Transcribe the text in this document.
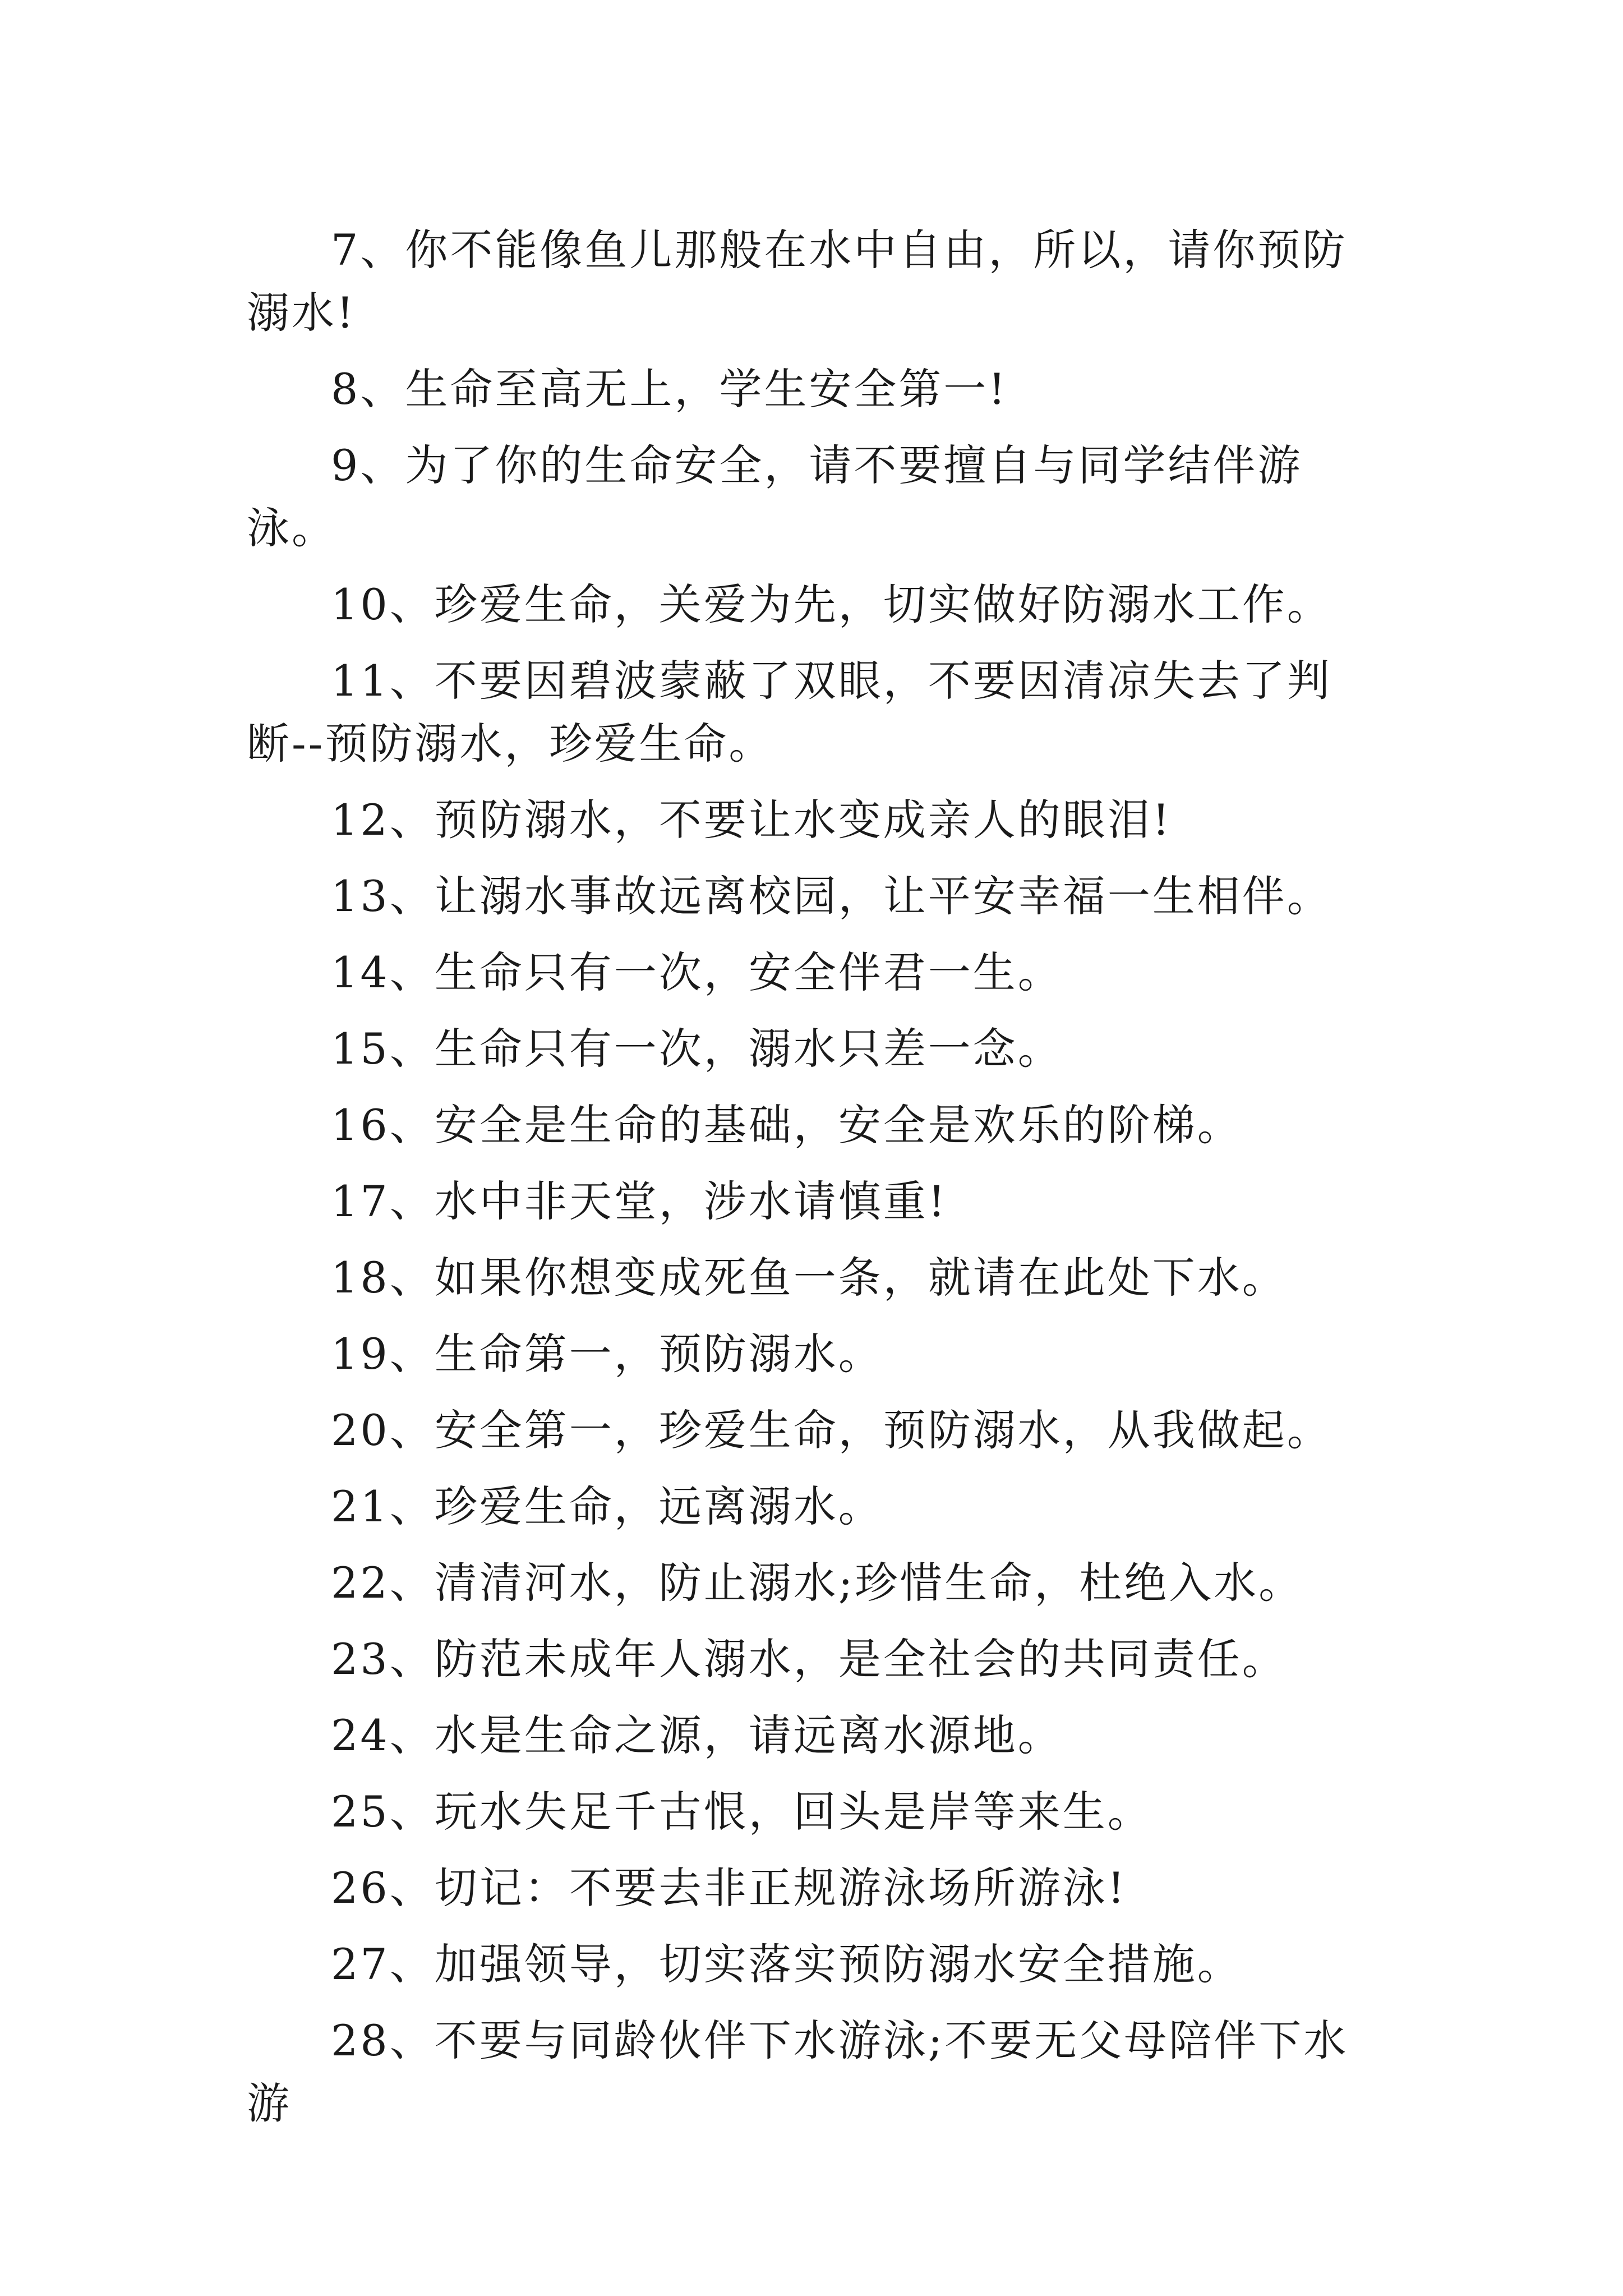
7、你不能像鱼儿那般在水中自由，所以，请你预防溺水!

8、生命至高无上，学生安全第一!

9、为了你的生命安全，请不要擅自与同学结伴游泳。

10、珍爱生命，关爱为先，切实做好防溺水工作。

11、不要因碧波蒙蔽了双眼，不要因清凉失去了判断--预防溺水，珍爱生命。

12、预防溺水，不要让水变成亲人的眼泪!

13、让溺水事故远离校园，让平安幸福一生相伴。

14、生命只有一次，安全伴君一生。

15、生命只有一次，溺水只差一念。

16、安全是生命的基础，安全是欢乐的阶梯。

17、水中非天堂，涉水请慎重!

18、如果你想变成死鱼一条，就请在此处下水。

19、生命第一，预防溺水。

20、安全第一，珍爱生命，预防溺水，从我做起。

21、珍爱生命，远离溺水。

22、清清河水，防止溺水;珍惜生命，杜绝入水。

23、防范未成年人溺水，是全社会的共同责任。

24、水是生命之源，请远离水源地。

25、玩水失足千古恨，回头是岸等来生。

26、切记：不要去非正规游泳场所游泳!

27、加强领导，切实落实预防溺水安全措施。

28、不要与同龄伙伴下水游泳;不要无父母陪伴下水游
